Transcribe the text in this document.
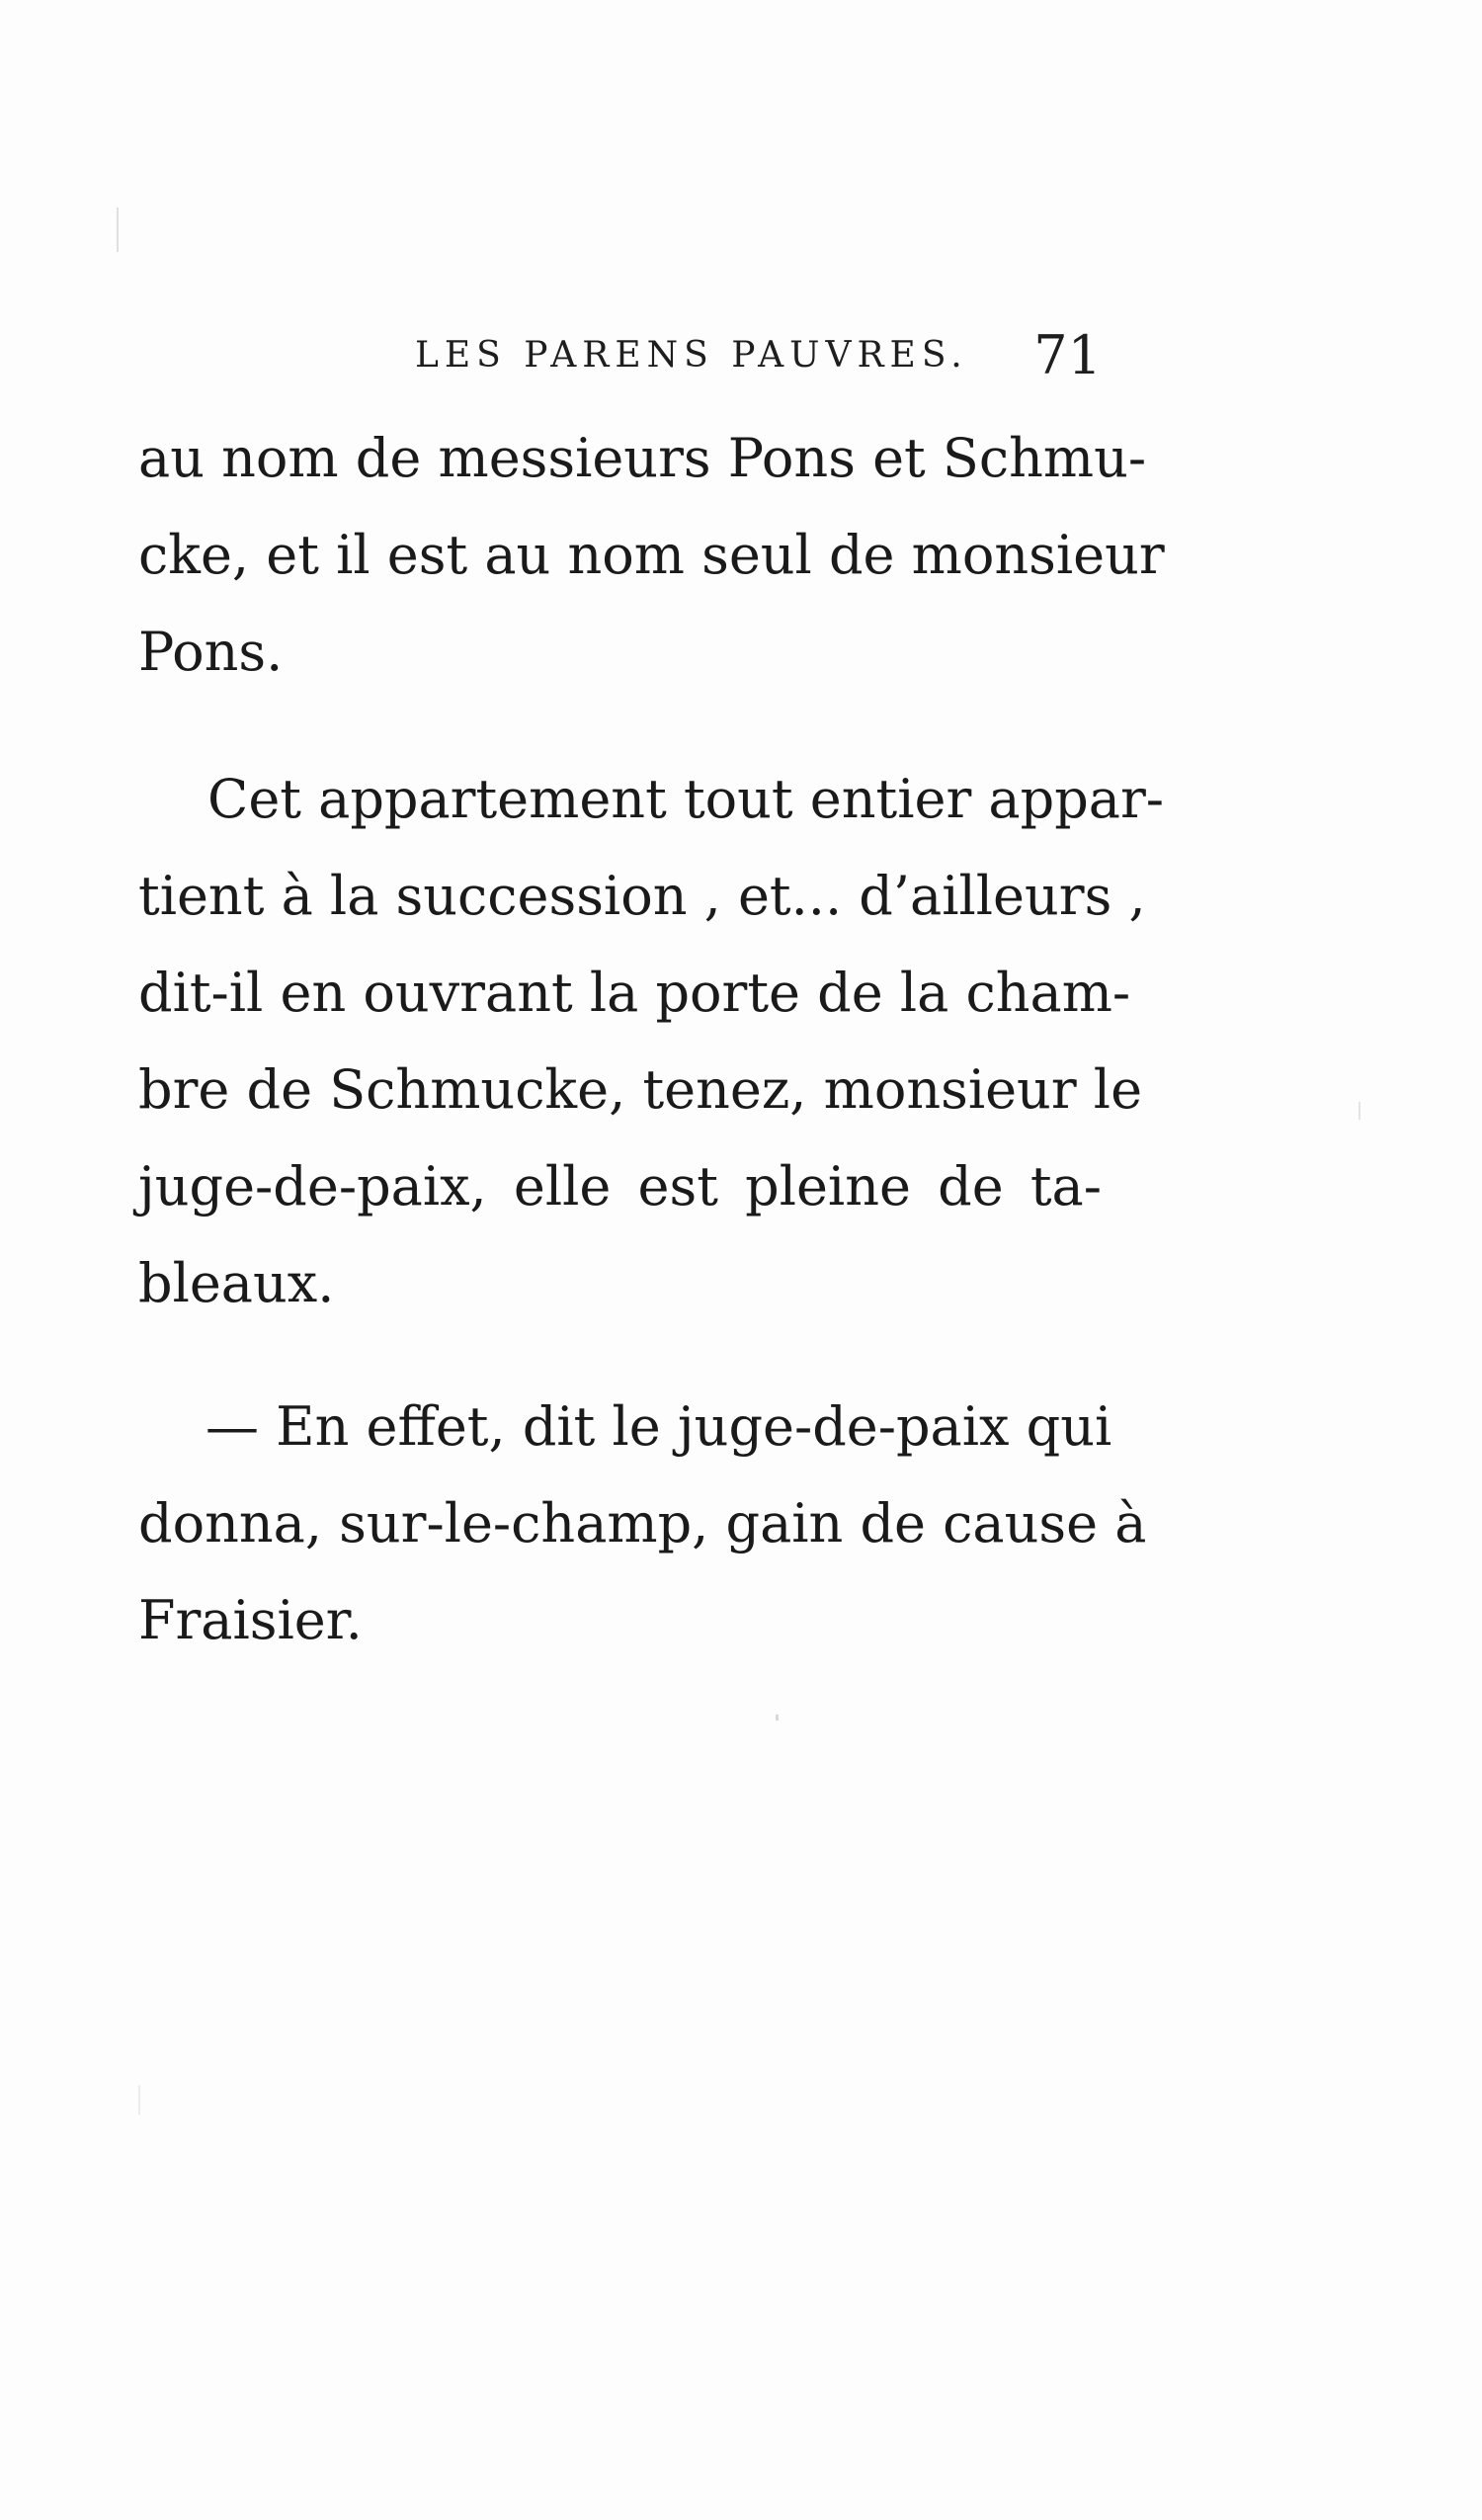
LES PARENS PAUVRES. 71
au nom de messieurs Pons et Schmu-
cke, et il est au nom seul de monsieur
Pons.
Cet appartement tout entier appar-
tient à la succession , et... d’ailleurs ,
dit-il en ouvrant la porte de la cham-
bre de Schmucke, tenez, monsieur le
juge-de-paix, elle est pleine de ta-
bleaux.
— En effet, dit le juge-de-paix qui
donna, sur-le-champ, gain de cause à
Fraisier.
